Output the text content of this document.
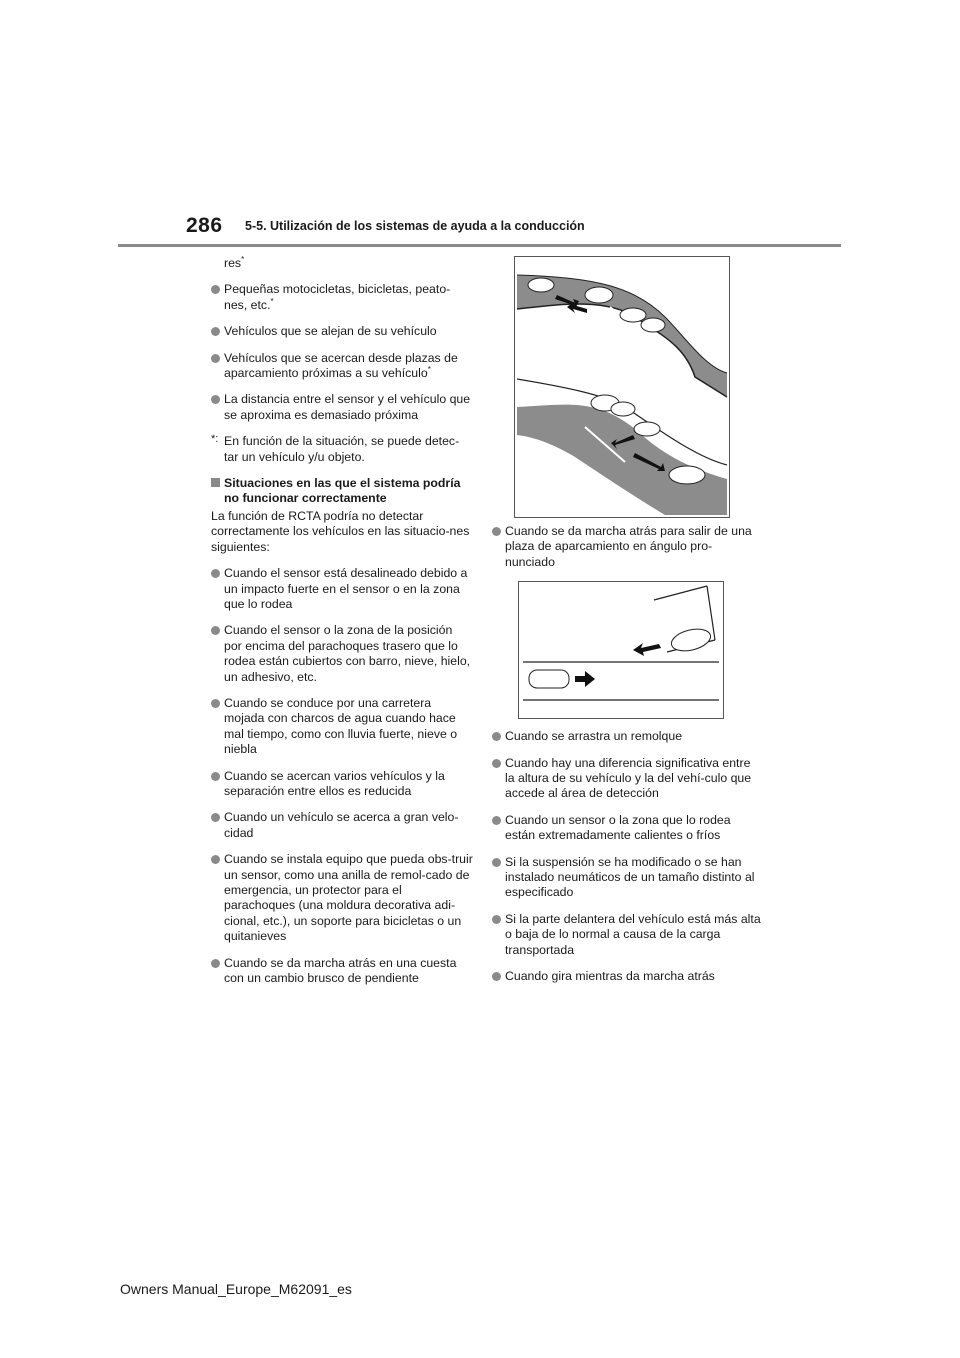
286 5-5. Utilización de los sistemas de ayuda a la conducción
res*
Pequeñas motocicletas, bicicletas, peato-nes, etc.*
Vehículos que se alejan de su vehículo
Vehículos que se acercan desde plazas de aparcamiento próximas a su vehículo*
La distancia entre el sensor y el vehículo que se aproxima es demasiado próxima
*: En función de la situación, se puede detec-tar un vehículo y/u objeto.
Situaciones en las que el sistema podría no funcionar correctamente
La función de RCTA podría no detectar correctamente los vehículos en las situacio-nes siguientes:
Cuando el sensor está desalineado debido a un impacto fuerte en el sensor o en la zona que lo rodea
Cuando el sensor o la zona de la posición por encima del parachoques trasero que lo rodea están cubiertos con barro, nieve, hielo, un adhesivo, etc.
Cuando se conduce por una carretera mojada con charcos de agua cuando hace mal tiempo, como con lluvia fuerte, nieve o niebla
Cuando se acercan varios vehículos y la separación entre ellos es reducida
Cuando un vehículo se acerca a gran velo-cidad
Cuando se instala equipo que pueda obs-truir un sensor, como una anilla de remol-cado de emergencia, un protector para el parachoques (una moldura decorativa adi-cional, etc.), un soporte para bicicletas o un quitanieves
Cuando se da marcha atrás en una cuesta con un cambio brusco de pendiente
Cuando se da marcha atrás para salir de una plaza de aparcamiento en ángulo pro-nunciado
Cuando se arrastra un remolque
Cuando hay una diferencia significativa entre la altura de su vehículo y la del vehí-culo que accede al área de detección
Cuando un sensor o la zona que lo rodea están extremadamente calientes o fríos
Si la suspensión se ha modificado o se han instalado neumáticos de un tamaño distinto al especificado
Si la parte delantera del vehículo está más alta o baja de lo normal a causa de la carga transportada
Cuando gira mientras da marcha atrás
Owners Manual_Europe_M62091_es
